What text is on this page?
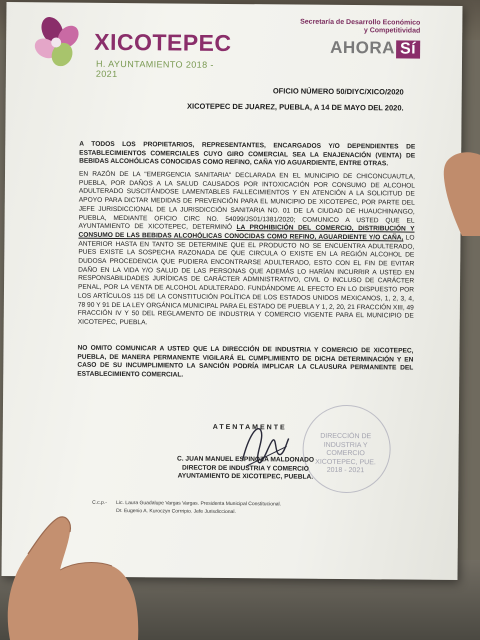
XICOTEPEC
H. AYUNTAMIENTO 2018 - 2021
Secretaría de Desarrollo Económico
y Competitividad
AHORA Sí
OFICIO NÚMERO 50/DIYC/XICO/2020
XICOTEPEC DE JUAREZ, PUEBLA, A 14 DE MAYO DEL 2020.
A TODOS LOS PROPIETARIOS, REPRESENTANTES, ENCARGADOS Y/O DEPENDIENTES DE ESTABLECIMIENTOS COMERCIALES CUYO GIRO COMERCIAL SEA LA ENAJENACIÓN (VENTA) DE BEBIDAS ALCOHÓLICAS CONOCIDAS COMO REFINO, CAÑA Y/O AGUARDIENTE, ENTRE OTRAS.
EN RAZÓN DE LA "EMERGENCIA SANITARIA" DECLARADA EN EL MUNICIPIO DE CHICONCUAUTLA, PUEBLA, POR DAÑOS A LA SALUD CAUSADOS POR INTOXICACIÓN POR CONSUMO DE ALCOHOL ADULTERADO SUSCITÁNDOSE LAMENTABLES FALLECIMIENTOS Y EN ATENCIÓN A LA SOLICITUD DE APOYO PARA DICTAR MEDIDAS DE PREVENCIÓN PARA EL MUNICIPIO DE XICOTEPEC, POR PARTE DEL JEFE JURISDICCIONAL DE LA JURISDICCIÓN SANITARIA NO. 01 DE LA CIUDAD DE HUAUCHINANGO, PUEBLA, MEDIANTE OFICIO CIRC NO. 54099/JS01/1381/2020; COMUNICO A USTED QUE EL AYUNTAMIENTO DE XICOTEPEC, DETERMINÓ LA PROHIBICIÓN DEL COMERCIO, DISTRIBUCIÓN Y CONSUMO DE LAS BEBIDAS ALCOHÓLICAS CONOCIDAS COMO REFINO, AGUARDIENTE Y/O CAÑA, LO ANTERIOR HASTA EN TANTO SE DETERMINE QUE EL PRODUCTO NO SE ENCUENTRA ADULTERADO, PUES EXISTE LA SOSPECHA RAZONADA DE QUE CIRCULA O EXISTE EN LA REGIÓN ALCOHOL DE DUDOSA PROCEDENCIA QUE PUDIERA ENCONTRARSE ADULTERADO, ESTO CON EL FIN DE EVITAR DAÑO EN LA VIDA Y/O SALUD DE LAS PERSONAS QUE ADEMÁS LO HARÍAN INCURRIR A USTED EN RESPONSABILIDADES JURÍDICAS DE CARÁCTER ADMINISTRATIVO, CIVIL O INCLUSO DE CARÁCTER PENAL, POR LA VENTA DE ALCOHOL ADULTERADO. FUNDÁNDOME AL EFECTO EN LO DISPUESTO POR LOS ARTÍCULOS 115 DE LA CONSTITUCIÓN POLÍTICA DE LOS ESTADOS UNIDOS MEXICANOS, 1, 2, 3, 4, 78 90 Y 91 DE LA LEY ORGÁNICA MUNICIPAL PARA EL ESTADO DE PUEBLA Y 1, 2, 20, 21 FRACCIÓN XIII, 49 FRACCIÓN IV Y 50 DEL REGLAMENTO DE INDUSTRIA Y COMERCIO VIGENTE PARA EL MUNICIPIO DE XICOTEPEC, PUEBLA.
NO OMITO COMUNICAR A USTED QUE LA DIRECCIÓN DE INDUSTRIA Y COMERCIO DE XICOTEPEC, PUEBLA, DE MANERA PERMANENTE VIGILARÁ EL CUMPLIMIENTO DE DICHA DETERMINACIÓN Y EN CASO DE SU INCUMPLIMIENTO LA SANCIÓN PODRÍA IMPLICAR LA CLAUSURA PERMANENTE DEL ESTABLECIMIENTO COMERCIAL.
ATENTAMENTE
DIRECCIÓN DE
INDUSTRIA Y
COMERCIO
XICOTEPEC, PUE.
2018 - 2021
C. JUAN MANUEL ESPINOZA MALDONADO
DIRECTOR DE INDUSTRIA Y COMERCIO
AYUNTAMIENTO DE XICOTEPEC, PUEBLA.
C.c.p.- Lic. Laura Guadalupe Vargas Vargas. Presidenta Municipal Constitucional.
Dr. Eugenio A. Kuroczyn Corrripio. Jefe Jurisdiccional.
